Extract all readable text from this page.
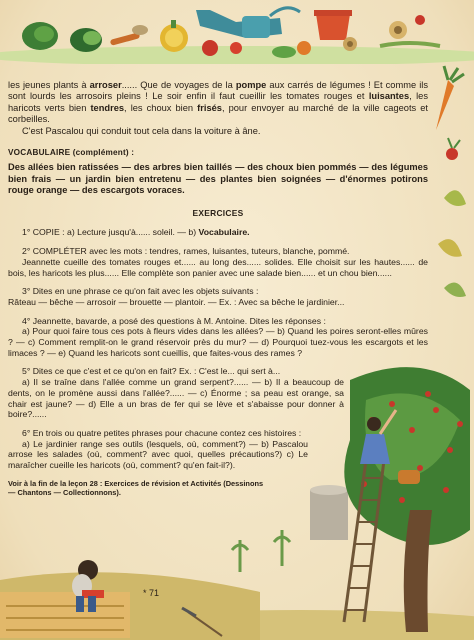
les jeunes plants à arroser...... Que de voyages de la pompe aux carrés de légumes ! Et comme ils sont lourds les arrosoirs pleins ! Le soir enfin il faut cueillir les tomates rouges et luisantes, les haricots verts bien tendres, les choux bien frisés, pour envoyer au marché de la ville cageots et corbeilles.

C'est Pascalou qui conduit tout cela dans la voiture à âne.

VOCABULAIRE (complément) :
Des allées bien ratissées — des arbres bien taillés — des choux bien pommés — des légumes bien frais — un jardin bien entretenu — des plantes bien soignées — d'énormes potirons rouge orange — des escargots voraces.
EXERCICES

1° COPIE : a) Lecture jusqu'à...... soleil. — b) Vocabulaire.

2° COMPLÉTER avec les mots : tendres, rames, luisantes, tuteurs, blanche, pommé.

Jeannette cueille des tomates rouges et...... au long des...... solides. Elle choisit sur les hautes...... de bois, les haricots les plus...... Elle complète son panier avec une salade bien...... et un chou bien......

3° Dites en une phrase ce qu'on fait avec les objets suivants :

Râteau — bêche — arrosoir — brouette — plantoir. — Ex. : Avec sa bêche le jardinier...

4° Jeannette, bavarde, a posé des questions à M. Antoine. Dites les réponses :

a) Pour quoi faire tous ces pots à fleurs vides dans les allées? — b) Quand les poires seront-elles mûres ? — c) Comment remplit-on le grand réservoir près du mur? — d) Pourquoi tuez-vous les escargots et les limaces ? — e) Quand les haricots sont cueillis, que faites-vous des rames ?

5° Dites ce que c'est et ce qu'on en fait? Ex. : C'est le... qui sert à...

a) Il se traîne dans l'allée comme un grand serpent?...... — b) Il a beaucoup de dents, on le promène aussi dans l'allée?...... — c) Énorme ; sa peau est orange, sa chair est jaune? — d) Elle a un bras de fer qui se lève et s'abaisse pour donner à boire?......

6° En trois ou quatre petites phrases pour chacune contez ces histoires :

a) Le jardinier range ses outils (lesquels, où, comment?) — b) Pascalou arrose les salades (où, comment? avec quoi, quelles précautions?) c) Le maraîcher cueille les haricots (où, comment? qu'en fait-il?).

Voir à la fin de la leçon 28 : Exercices de révision et Activités (Dessinons — Chantons — Collectionnons).
* 71
